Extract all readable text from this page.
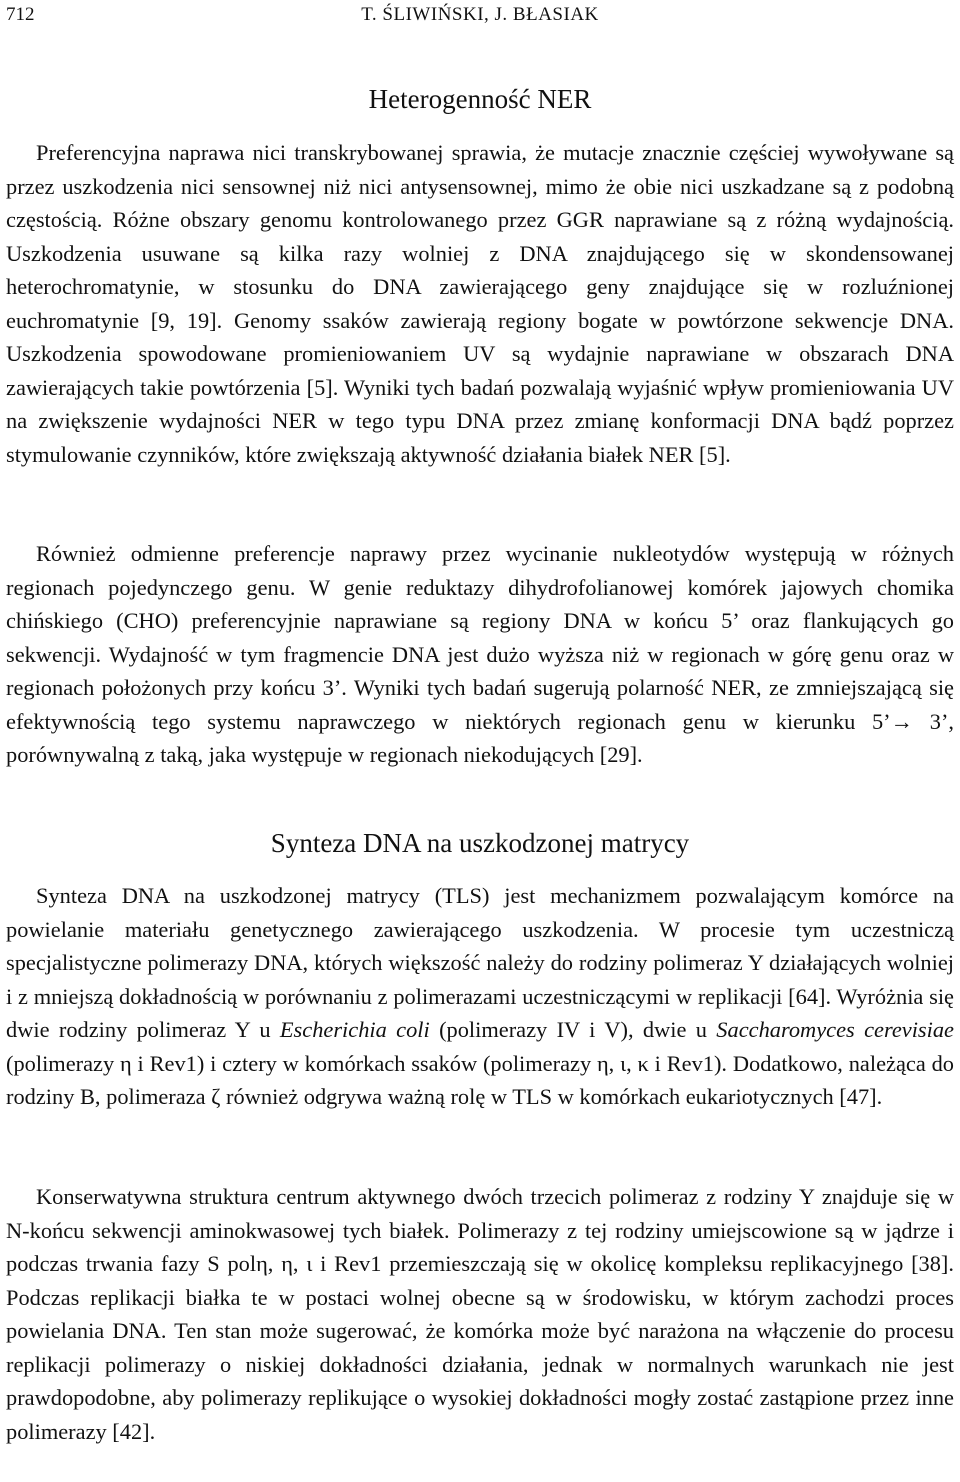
712	T. ŚLIWIŃSKI, J. BŁASIAK
Heterogenność NER

Preferencyjna naprawa nici transkrybowanej sprawia, że mutacje znacznie częściej wywoływane są przez uszkodzenia nici sensownej niż nici antysensownej, mimo że obie nici uszkadzane są z podobną częstością. Różne obszary genomu kontrolowanego przez GGR naprawiane są z różną wydajnością. Uszkodzenia usuwane są kilka razy wolniej z DNA znajdującego się w skondensowanej heterochromatynie, w stosunku do DNA zawierającego geny znajdujące się w rozluźnionej euchromatynie [9, 19]. Genomy ssaków zawierają regiony bogate w powtórzone sekwencje DNA. Uszkodzenia spowodowane promieniowaniem UV są wydajnie naprawiane w obszarach DNA zawierających takie powtórzenia [5]. Wyniki tych badań pozwalają wyjaśnić wpływ promieniowania UV na zwiększenie wydajności NER w tego typu DNA przez zmianę konformacji DNA bądź poprzez stymulowanie czynników, które zwiększają aktywność działania białek NER [5].

Również odmienne preferencje naprawy przez wycinanie nukleotydów występują w różnych regionach pojedynczego genu. W genie reduktazy dihydrofolianowej komórek jajowych chomika chińskiego (CHO) preferencyjnie naprawiane są regiony DNA w końcu 5’ oraz flankujących go sekwencji. Wydajność w tym fragmencie DNA jest dużo wyższa niż w regionach w górę genu oraz w regionach położonych przy końcu 3’. Wyniki tych badań sugerują polarność NER, ze zmniejszającą się efektywnością tego systemu naprawczego w niektórych regionach genu w kierunku 5’→ 3’, porównywalną z taką, jaka występuje w regionach niekodujących [29].

Synteza DNA na uszkodzonej matrycy

Synteza DNA na uszkodzonej matrycy (TLS) jest mechanizmem pozwalającym komórce na powielanie materiału genetycznego zawierającego uszkodzenia. W procesie tym uczestniczą specjalistyczne polimerazy DNA, których większość należy do rodziny polimeraz Y działających wolniej i z mniejszą dokładnością w porównaniu z polimerazami uczestniczącymi w replikacji [64]. Wyróżnia się dwie rodziny polimeraz Y u Escherichia coli (polimerazy IV i V), dwie u Saccharomyces cerevisiae (polimerazy η i Rev1) i cztery w komórkach ssaków (polimerazy η, ι, κ i Rev1). Dodatkowo, należąca do rodziny B, polimeraza ζ również odgrywa ważną rolę w TLS w komórkach eukariotycznych [47].

Konserwatywna struktura centrum aktywnego dwóch trzecich polimeraz z rodziny Y znajduje się w N-końcu sekwencji aminokwasowej tych białek. Polimerazy z tej rodziny umiejscowione są w jądrze i podczas trwania fazy S polη, η, ι i Rev1 przemieszczają się w okolicę kompleksu replikacyjnego [38]. Podczas replikacji białka te w postaci wolnej obecne są w środowisku, w którym zachodzi proces powielania DNA. Ten stan może sugerować, że komórka może być narażona na włączenie do procesu replikacji polimerazy o niskiej dokładności działania, jednak w normalnych warunkach nie jest prawdopodobne, aby polimerazy replikujące o wysokiej dokładności mogły zostać zastąpione przez inne polimerazy [42].
